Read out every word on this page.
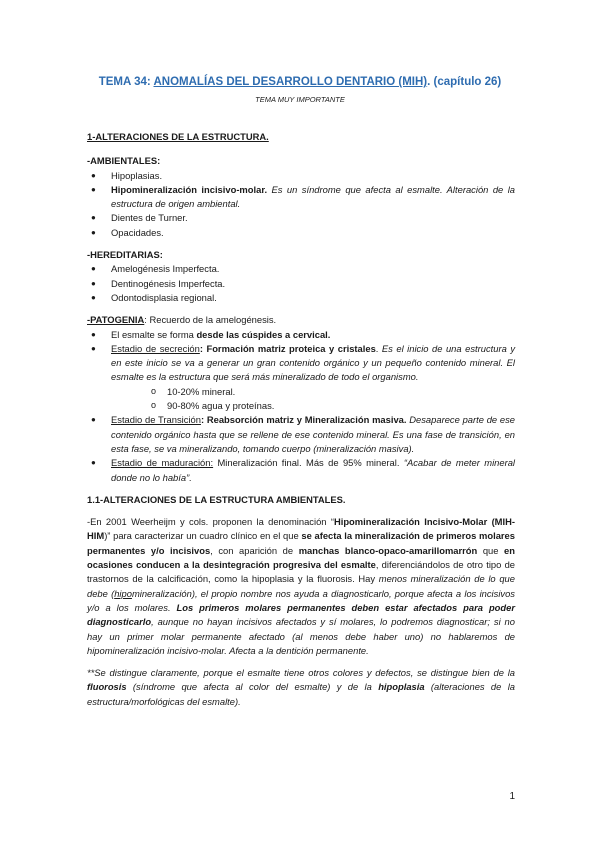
TEMA 34: ANOMALÍAS DEL DESARROLLO DENTARIO (MIH). (capítulo 26)
TEMA MUY IMPORTANTE
1-ALTERACIONES DE LA ESTRUCTURA.
-AMBIENTALES:
● Hipoplasias.
● Hipomineralización incisivo-molar. Es un síndrome que afecta al esmalte. Alteración de la estructura de origen ambiental.
● Dientes de Turner.
● Opacidades.
-HEREDITARIAS:
● Amelogénesis Imperfecta.
● Dentinogénesis Imperfecta.
● Odontodisplasia regional.
-PATOGENIA: Recuerdo de la amelogénesis.
● El esmalte se forma desde las cúspides a cervical.
● Estadio de secreción: Formación matriz proteica y cristales. Es el inicio de una estructura y en este inicio se va a generar un gran contenido orgánico y un pequeño contenido mineral. El esmalte es la estructura que será más mineralizado de todo el organismo.
o 10-20% mineral.
o 90-80% agua y proteínas.
● Estadio de Transición: Reabsorción matriz y Mineralización masiva. Desaparece parte de ese contenido orgánico hasta que se rellene de ese contenido mineral. Es una fase de transición, en esta fase, se va mineralizando, tomando cuerpo (mineralización masiva).
● Estadio de maduración: Mineralización final. Más de 95% mineral. “Acabar de meter mineral donde no lo había”.
1.1-ALTERACIONES DE LA ESTRUCTURA AMBIENTALES.

-En 2001 Weerheijm y cols. proponen la denominación “Hipomineralización Incisivo-Molar (MIH-HIM)” para caracterizar un cuadro clínico en el que se afecta la mineralización de primeros molares permanentes y/o incisivos, con aparición de manchas blanco-opaco-amarillomarrón que en ocasiones conducen a la desintegración progresiva del esmalte, diferenciándolos de otro tipo de trastornos de la calcificación, como la hipoplasia y la fluorosis. Hay menos mineralización de lo que debe (hipomineralización), el propio nombre nos ayuda a diagnosticarlo, porque afecta a los incisivos y/o a los molares. Los primeros molares permanentes deben estar afectados para poder diagnosticarlo, aunque no hayan incisivos afectados y sí molares, lo podremos diagnosticar; si no hay un primer molar permanente afectado (al menos debe haber uno) no hablaremos de hipomineralización incisivo-molar. Afecta a la dentición permanente.

**Se distingue claramente, porque el esmalte tiene otros colores y defectos, se distingue bien de la fluorosis (síndrome que afecta al color del esmalte) y de la hipoplasia (alteraciones de la estructura/morfológicas del esmalte).

1
